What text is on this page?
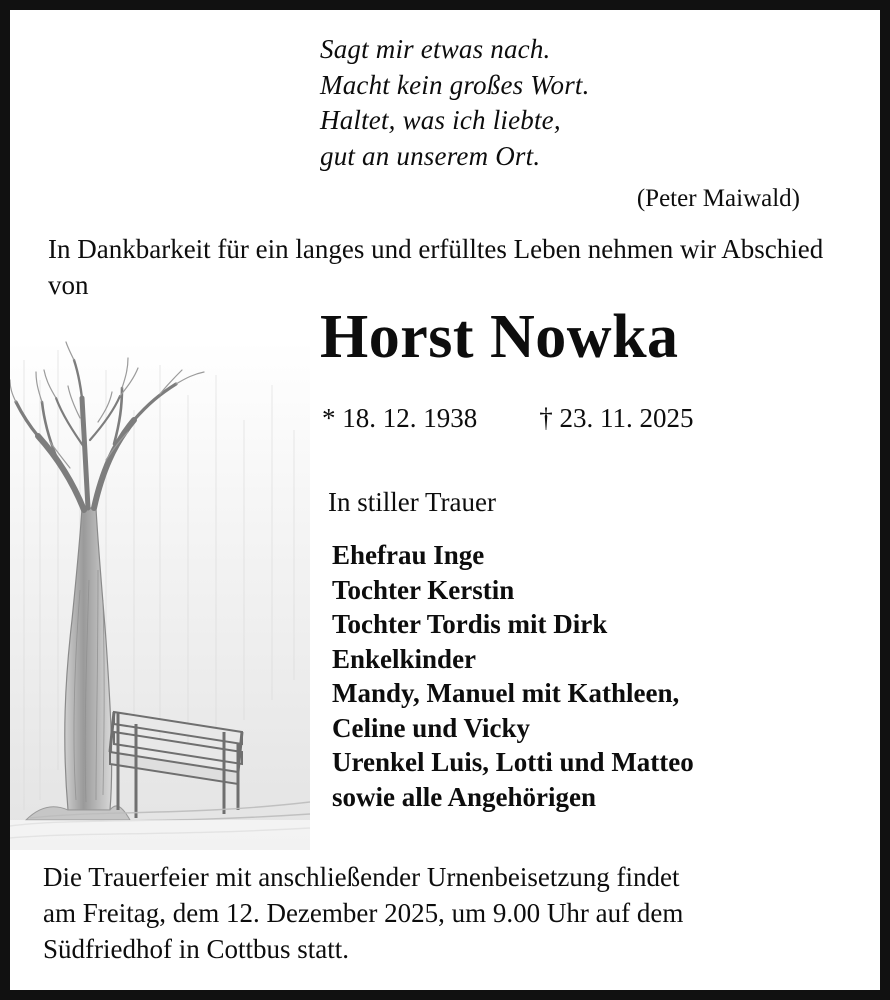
Sagt mir etwas nach.
Macht kein großes Wort.
Haltet, was ich liebte,
gut an unserem Ort.
(Peter Maiwald)
In Dankbarkeit für ein langes und erfülltes Leben nehmen wir Abschied von
Horst Nowka
* 18. 12. 1938 † 23. 11. 2025
In stiller Trauer
Ehefrau Inge
Tochter Kerstin
Tochter Tordis mit Dirk
Enkelkinder
Mandy, Manuel mit Kathleen,
Celine und Vicky
Urenkel Luis, Lotti und Matteo
sowie alle Angehörigen
Die Trauerfeier mit anschließender Urnenbeisetzung findet
am Freitag, dem 12. Dezember 2025, um 9.00 Uhr auf dem
Südfriedhof in Cottbus statt.
